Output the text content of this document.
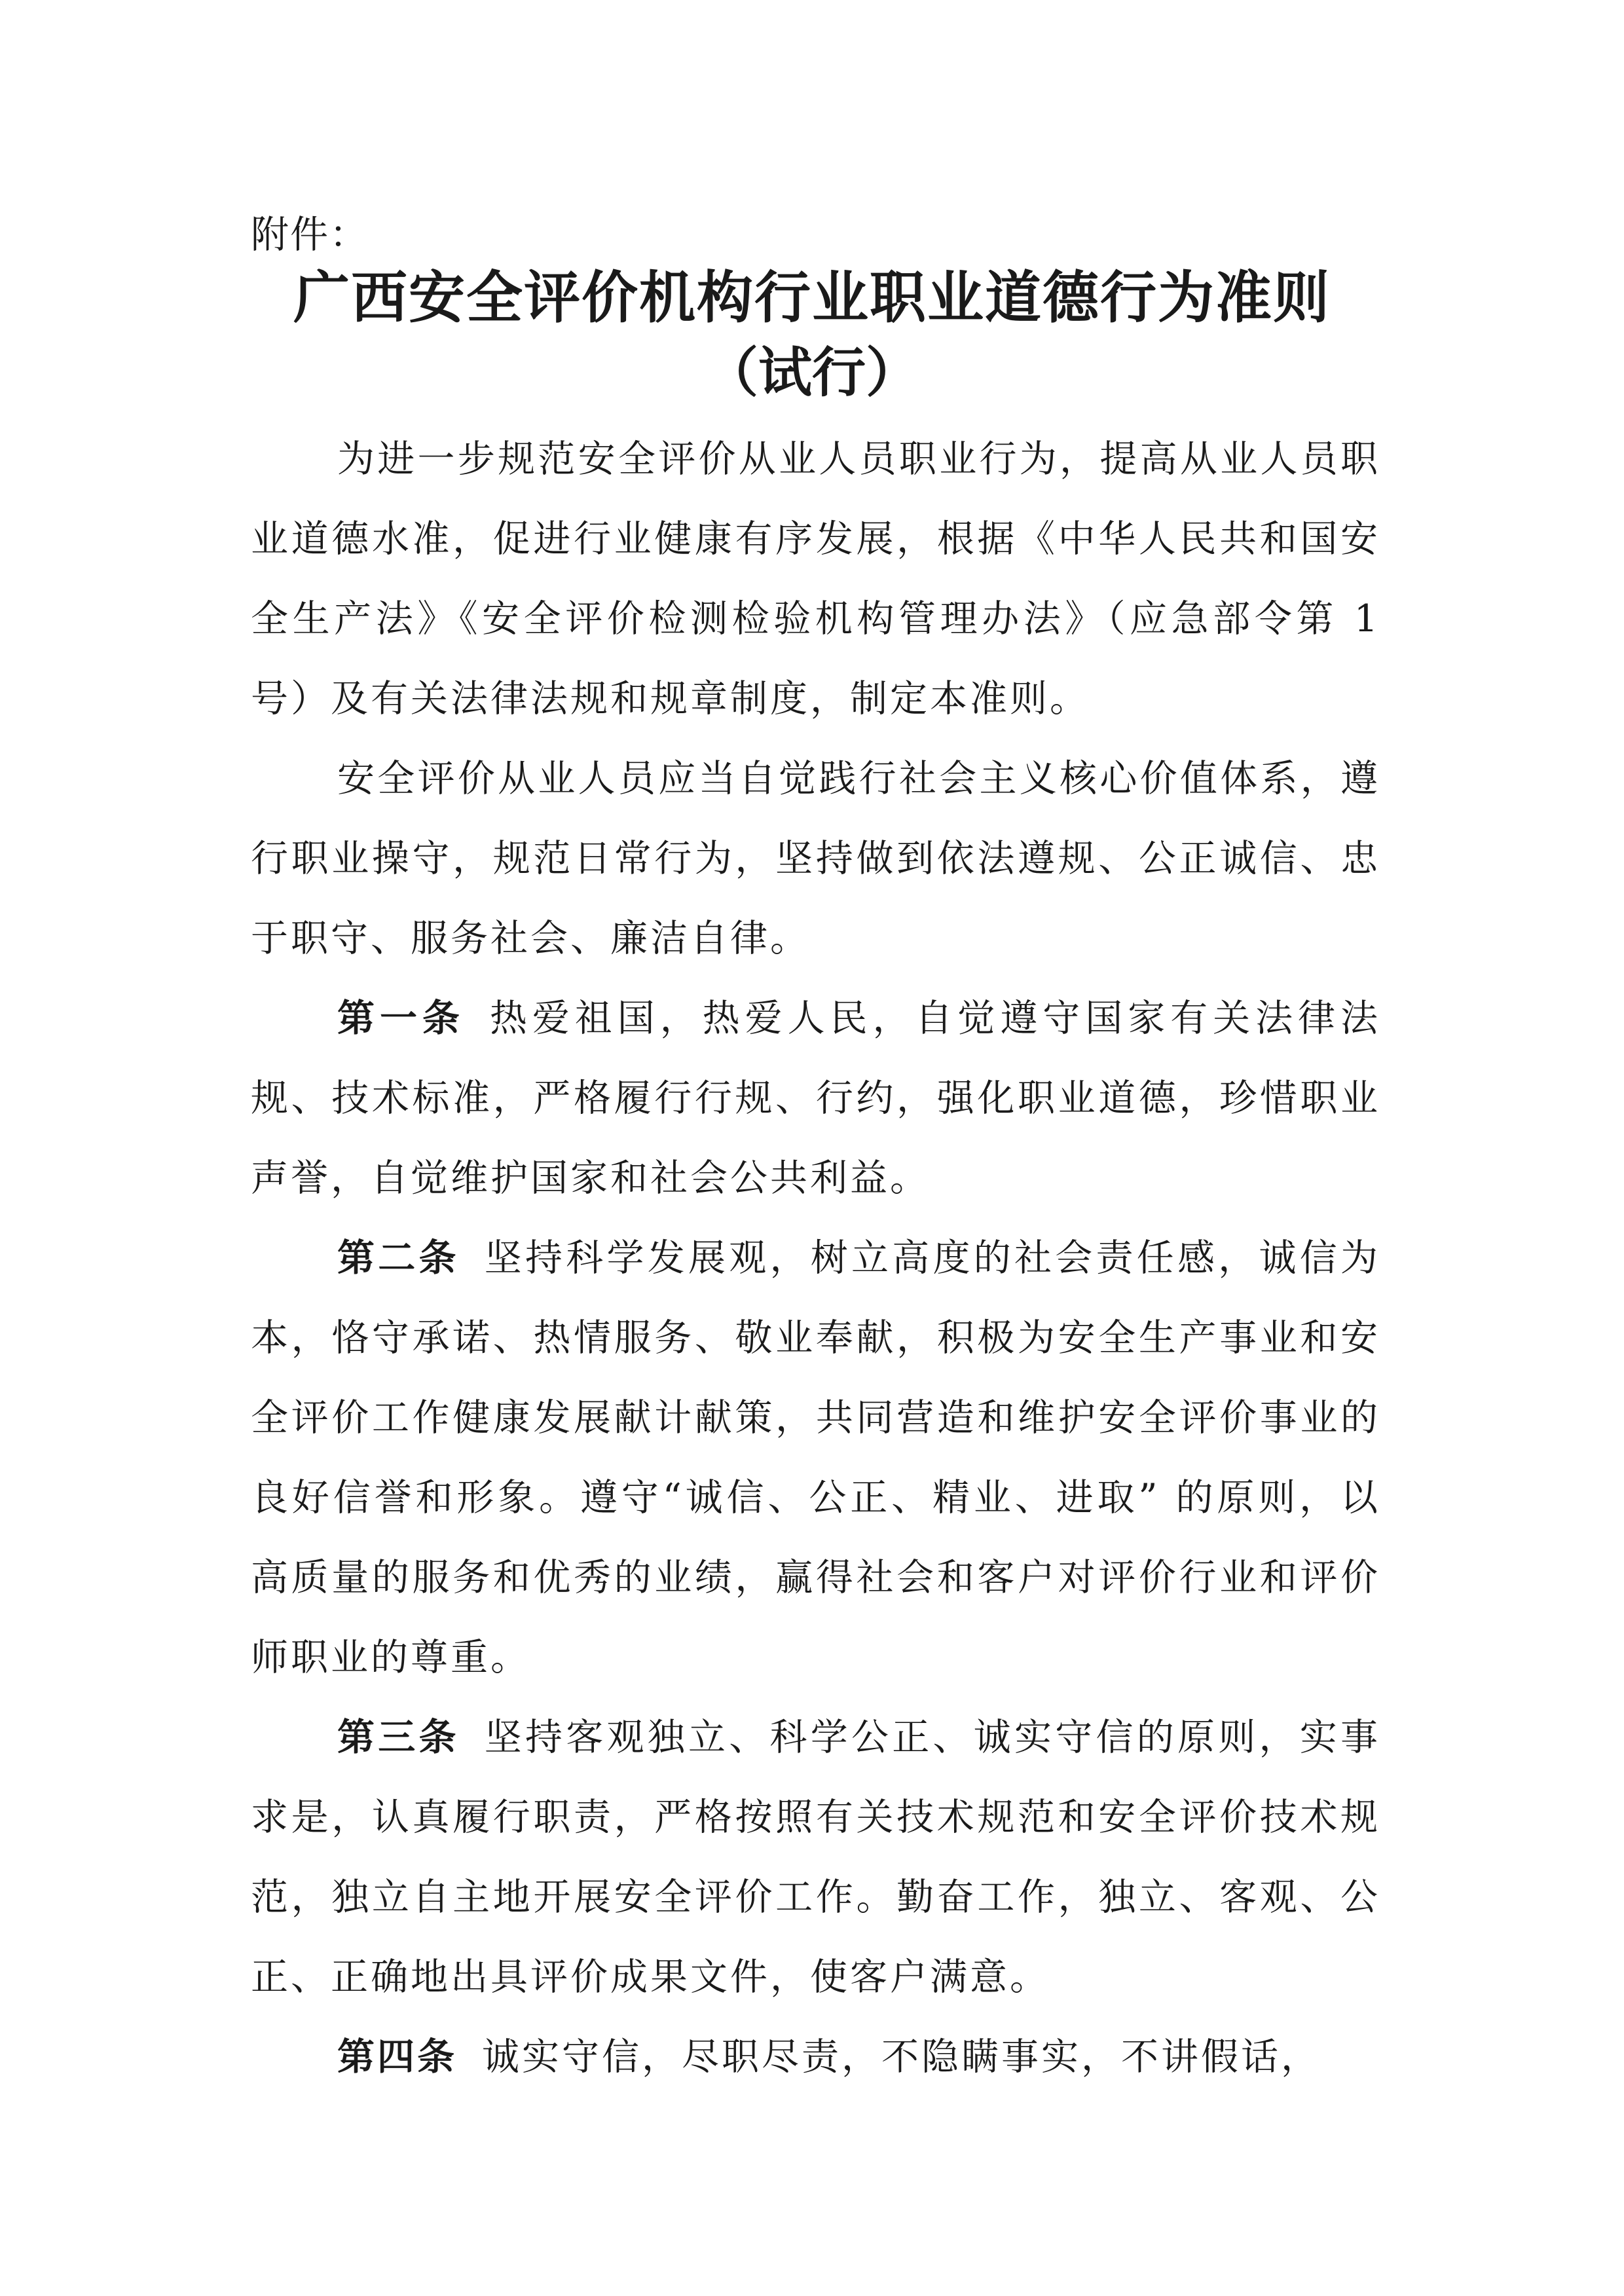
附件：
广西安全评价机构行业职业道德行为准则
（试行）

为进一步规范安全评价从业人员职业行为，提高从业人员职业道德水准，促进行业健康有序发展，根据《中华人民共和国安全生产法》《安全评价检测检验机构管理办法》（应急部令第 1 号）及有关法律法规和规章制度，制定本准则。

安全评价从业人员应当自觉践行社会主义核心价值体系，遵行职业操守，规范日常行为，坚持做到依法遵规、公正诚信、忠于职守、服务社会、廉洁自律。

第一条 热爱祖国，热爱人民，自觉遵守国家有关法律法规、技术标准，严格履行行规、行约，强化职业道德，珍惜职业声誉，自觉维护国家和社会公共利益。

第二条 坚持科学发展观，树立高度的社会责任感，诚信为本，恪守承诺、热情服务、敬业奉献，积极为安全生产事业和安全评价工作健康发展献计献策，共同营造和维护安全评价事业的良好信誉和形象。遵守“诚信、公正、精业、进取” 的原则，以高质量的服务和优秀的业绩，赢得社会和客户对评价行业和评价师职业的尊重。

第三条 坚持客观独立、科学公正、诚实守信的原则，实事求是，认真履行职责，严格按照有关技术规范和安全评价技术规范，独立自主地开展安全评价工作。勤奋工作，独立、客观、公正、正确地出具评价成果文件，使客户满意。

第四条 诚实守信，尽职尽责，不隐瞒事实，不讲假话，
